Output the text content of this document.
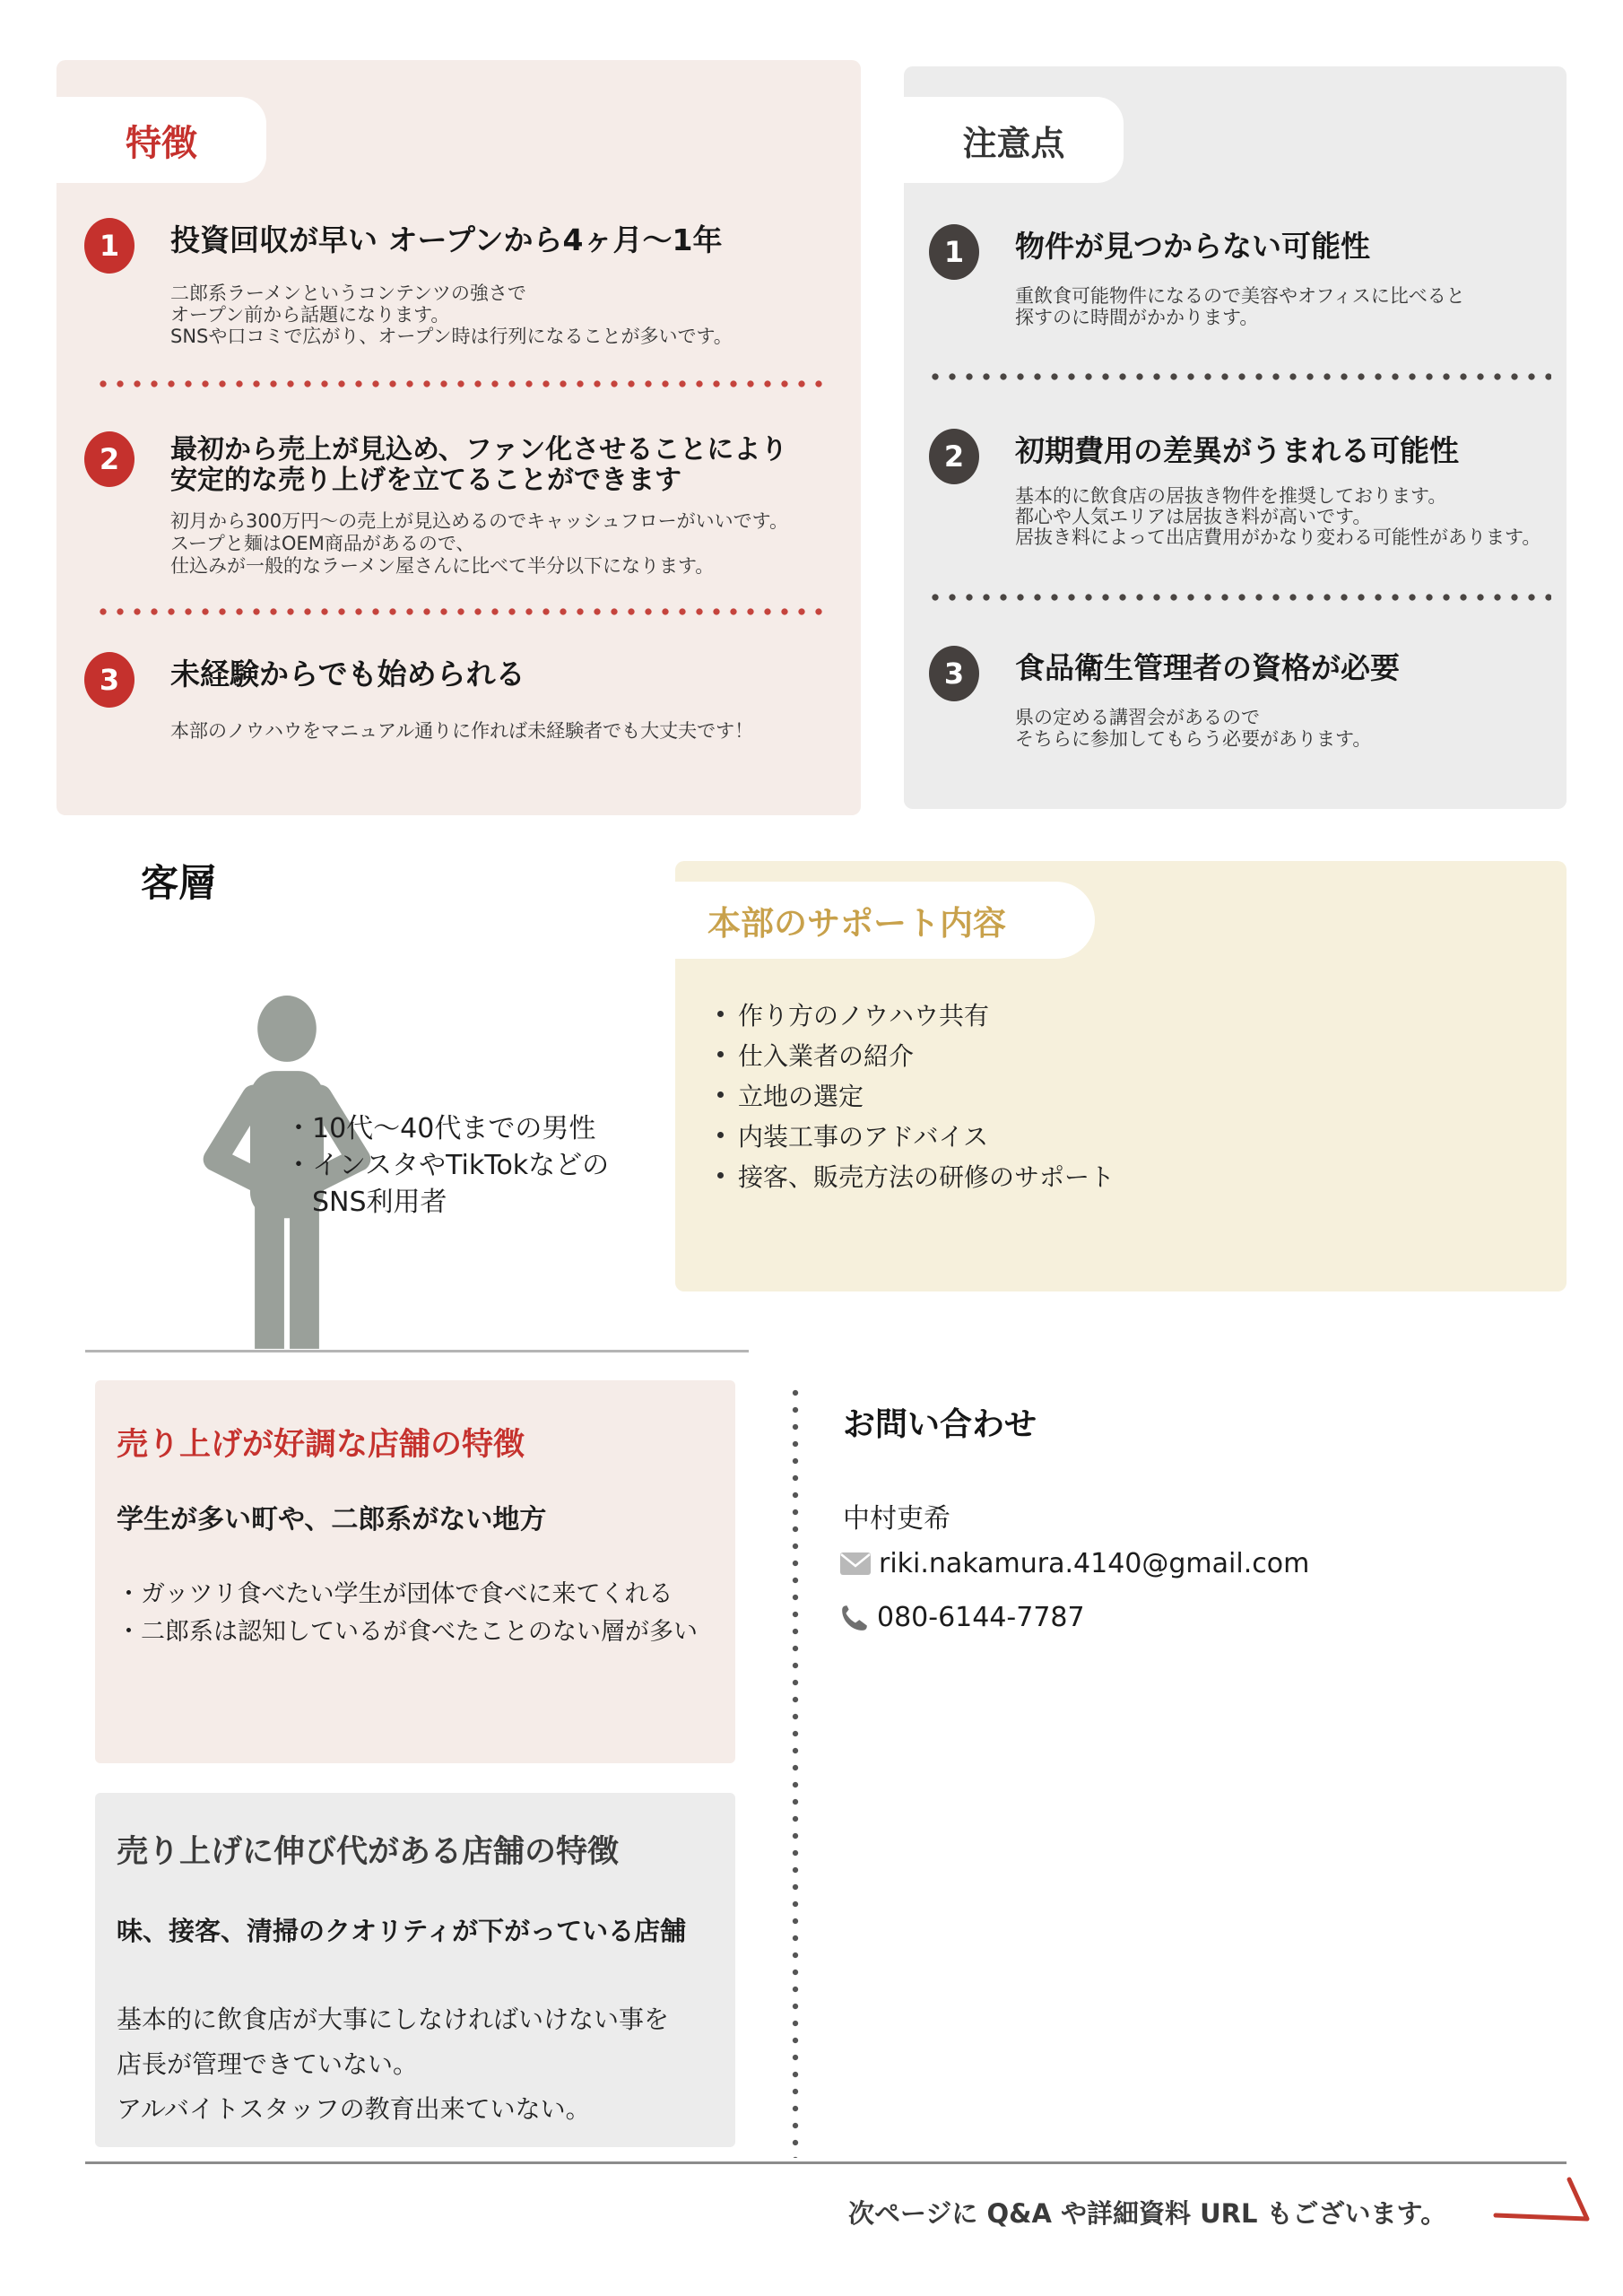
特徴
1 投資回収が早い オープンから4ヶ月〜1年
二郎系ラーメンというコンテンツの強さで
オープン前から話題になります。
SNSや口コミで広がり、オープン時は行列になることが多いです。
2 最初から売上が見込め、ファン化させることにより
安定的な売り上げを立てることができます
初月から300万円〜の売上が見込めるのでキャッシュフローがいいです。
スープと麺はOEM商品があるので、
仕込みが一般的なラーメン屋さんに比べて半分以下になります。
3 未経験からでも始められる
本部のノウハウをマニュアル通りに作れば未経験者でも大丈夫です！
注意点
1 物件が見つからない可能性
重飲食可能物件になるので美容やオフィスに比べると
探すのに時間がかかります。
2 初期費用の差異がうまれる可能性
基本的に飲食店の居抜き物件を推奨しております。
都心や人気エリアは居抜き料が高いです。
居抜き料によって出店費用がかなり変わる可能性があります。
3 食品衛生管理者の資格が必要
県の定める講習会があるので
そちらに参加してもらう必要があります。
客層
・10代〜40代までの男性
・インスタやTikTokなどの
　SNS利用者
本部のサポート内容
作り方のノウハウ共有
仕入業者の紹介
立地の選定
内装工事のアドバイス
接客、販売方法の研修のサポート
売り上げが好調な店舗の特徴
学生が多い町や、二郎系がない地方
・ガッツリ食べたい学生が団体で食べに来てくれる
・二郎系は認知しているが食べたことのない層が多い
売り上げに伸び代がある店舗の特徴
味、接客、清掃のクオリティが下がっている店舗
基本的に飲食店が大事にしなければいけない事を
店長が管理できていない。
アルバイトスタッフの教育出来ていない。
お問い合わせ
中村吏希
riki.nakamura.4140@gmail.com
080-6144-7787
次ページに Q&A や詳細資料 URL もございます。
